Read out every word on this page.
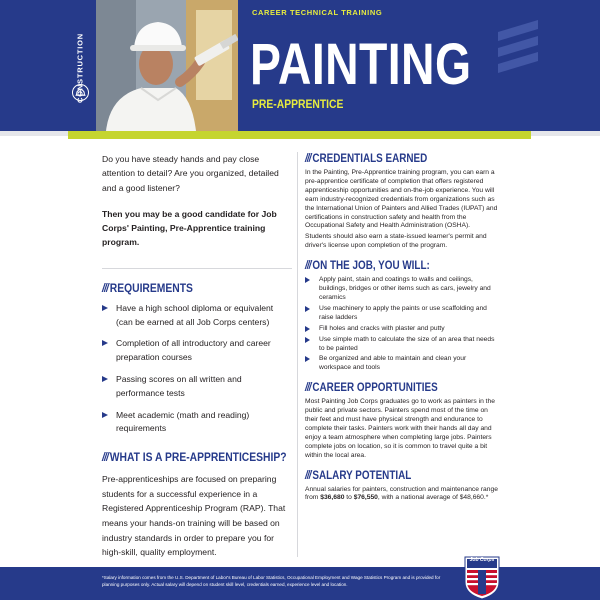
CONSTRUCTION
CAREER TECHNICAL TRAINING
PAINTING
PRE-APPRENTICE

Do you have steady hands and pay close attention to detail? Are you organized, detailed and a good listener?

Then you may be a good candidate for Job Corps' Painting, Pre-Apprentice training program.

/// REQUIREMENTS
Have a high school diploma or equivalent (can be earned at all Job Corps centers)
Completion of all introductory and career preparation courses
Passing scores on all written and performance tests
Meet academic (math and reading) requirements
/// WHAT IS A PRE-APPRENTICESHIP?

Pre-apprenticeships are focused on preparing students for a successful experience in a Registered Apprenticeship Program (RAP). That means your hands-on training will be based on industry standards in order to prepare you for high-skill, quality employment.

/// CREDENTIALS EARNED

In the Painting, Pre-Apprentice training program, you can earn a pre-apprentice certificate of completion that offers registered apprenticeship opportunities and on-the-job experience. You will earn industry-recognized credentials from organizations such as the International Union of Painters and Allied Trades (IUPAT) and certifications in construction safety and health from the Occupational Safety and Health Administration (OSHA).

Students should also earn a state-issued learner's permit and driver's license upon completion of the program.

/// ON THE JOB, YOU WILL:
Apply paint, stain and coatings to walls and ceilings, buildings, bridges or other items such as cars, jewelry and ceramics
Use machinery to apply the paints or use scaffolding and raise ladders
Fill holes and cracks with plaster and putty
Use simple math to calculate the size of an area that needs to be painted
Be organized and able to maintain and clean your workspace and tools
/// CAREER OPPORTUNITIES

Most Painting Job Corps graduates go to work as painters in the public and private sectors. Painters spend most of the time on their feet and must have physical strength and endurance to complete their tasks. Painters work with their hands all day and enjoy a team atmosphere when completing large jobs. Painters complete jobs on location, so it is common to travel quite a bit within the local area.

/// SALARY POTENTIAL

Annual salaries for painters, construction and maintenance range from $36,680 to $76,550, with a national average of $48,660.*

*Salary information comes from the U.S. Department of Labor's Bureau of Labor Statistics, Occupational Employment and Wage Statistics Program and is provided for planning purposes only. Actual salary will depend on student skill level, credentials earned, experience level and location.

Job Corps
